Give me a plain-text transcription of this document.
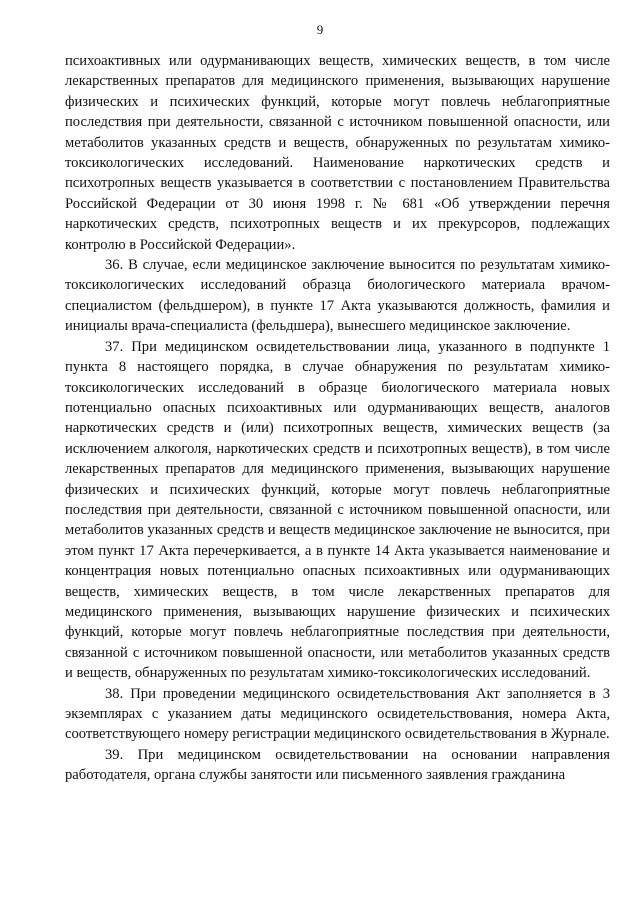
9

психоактивных или одурманивающих веществ, химических веществ, в том числе лекарственных препаратов для медицинского применения, вызывающих нарушение физических и психических функций, которые могут повлечь неблагоприятные последствия при деятельности, связанной с источником повышенной опасности, или метаболитов указанных средств и веществ, обнаруженных по результатам химико-токсикологических исследований. Наименование наркотических средств и психотропных веществ указывается в соответствии с постановлением Правительства Российской Федерации от 30 июня 1998 г. № 681 «Об утверждении перечня наркотических средств, психотропных веществ и их прекурсоров, подлежащих контролю в Российской Федерации».

36. В случае, если медицинское заключение выносится по результатам химико-токсикологических исследований образца биологического материала врачом-специалистом (фельдшером), в пункте 17 Акта указываются должность, фамилия и инициалы врача-специалиста (фельдшера), вынесшего медицинское заключение.

37. При медицинском освидетельствовании лица, указанного в подпункте 1 пункта 8 настоящего порядка, в случае обнаружения по результатам химико-токсикологических исследований в образце биологического материала новых потенциально опасных психоактивных или одурманивающих веществ, аналогов наркотических средств и (или) психотропных веществ, химических веществ (за исключением алкоголя, наркотических средств и психотропных веществ), в том числе лекарственных препаратов для медицинского применения, вызывающих нарушение физических и психических функций, которые могут повлечь неблагоприятные последствия при деятельности, связанной с источником повышенной опасности, или метаболитов указанных средств и веществ медицинское заключение не выносится, при этом пункт 17 Акта перечеркивается, а в пункте 14 Акта указывается наименование и концентрация новых потенциально опасных психоактивных или одурманивающих веществ, химических веществ, в том числе лекарственных препаратов для медицинского применения, вызывающих нарушение физических и психических функций, которые могут повлечь неблагоприятные последствия при деятельности, связанной с источником повышенной опасности, или метаболитов указанных средств и веществ, обнаруженных по результатам химико-токсикологических исследований.

38. При проведении медицинского освидетельствования Акт заполняется в 3 экземплярах с указанием даты медицинского освидетельствования, номера Акта, соответствующего номеру регистрации медицинского освидетельствования в Журнале.

39. При медицинском освидетельствовании на основании направления работодателя, органа службы занятости или письменного заявления гражданина
